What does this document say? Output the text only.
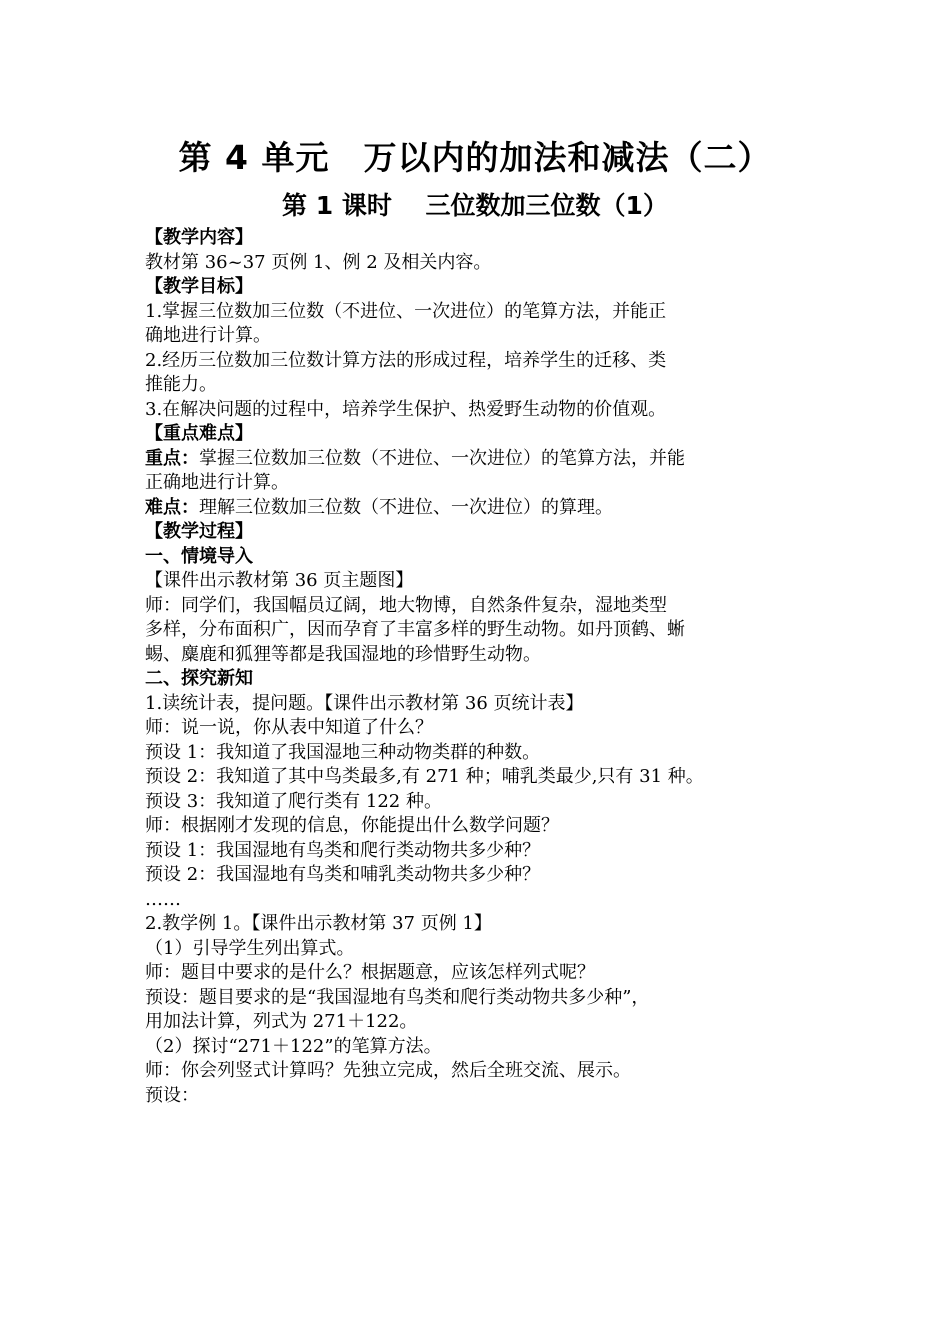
第 4 单元　万以内的加法和减法（二）
第 1 课时　 三位数加三位数（1）
【教学内容】
教材第 36~37 页例 1、例 2 及相关内容。
【教学目标】
1.掌握三位数加三位数（不进位、一次进位）的笔算方法，并能正
确地进行计算。
2.经历三位数加三位数计算方法的形成过程，培养学生的迁移、类
推能力。
3.在解决问题的过程中，培养学生保护、热爱野生动物的价值观。
【重点难点】
重点：掌握三位数加三位数（不进位、一次进位）的笔算方法，并能
正确地进行计算。
难点：理解三位数加三位数（不进位、一次进位）的算理。
【教学过程】
一、情境导入
【课件出示教材第 36 页主题图】
师：同学们，我国幅员辽阔，地大物博，自然条件复杂，湿地类型
多样，分布面积广，因而孕育了丰富多样的野生动物。如丹顶鹤、蜥
蜴、麋鹿和狐狸等都是我国湿地的珍惜野生动物。
二、探究新知
1.读统计表，提问题。【课件出示教材第 36 页统计表】
师：说一说，你从表中知道了什么？
预设 1：我知道了我国湿地三种动物类群的种数。
预设 2：我知道了其中鸟类最多,有 271 种；哺乳类最少,只有 31 种。
预设 3：我知道了爬行类有 122 种。
师：根据刚才发现的信息，你能提出什么数学问题？
预设 1：我国湿地有鸟类和爬行类动物共多少种？
预设 2：我国湿地有鸟类和哺乳类动物共多少种？
……
2.教学例 1。【课件出示教材第 37 页例 1】
（1）引导学生列出算式。
师：题目中要求的是什么？根据题意，应该怎样列式呢？
预设：题目要求的是“我国湿地有鸟类和爬行类动物共多少种”，
用加法计算，列式为 271＋122。
（2）探讨“271＋122”的笔算方法。
师：你会列竖式计算吗？先独立完成，然后全班交流、展示。
预设：
